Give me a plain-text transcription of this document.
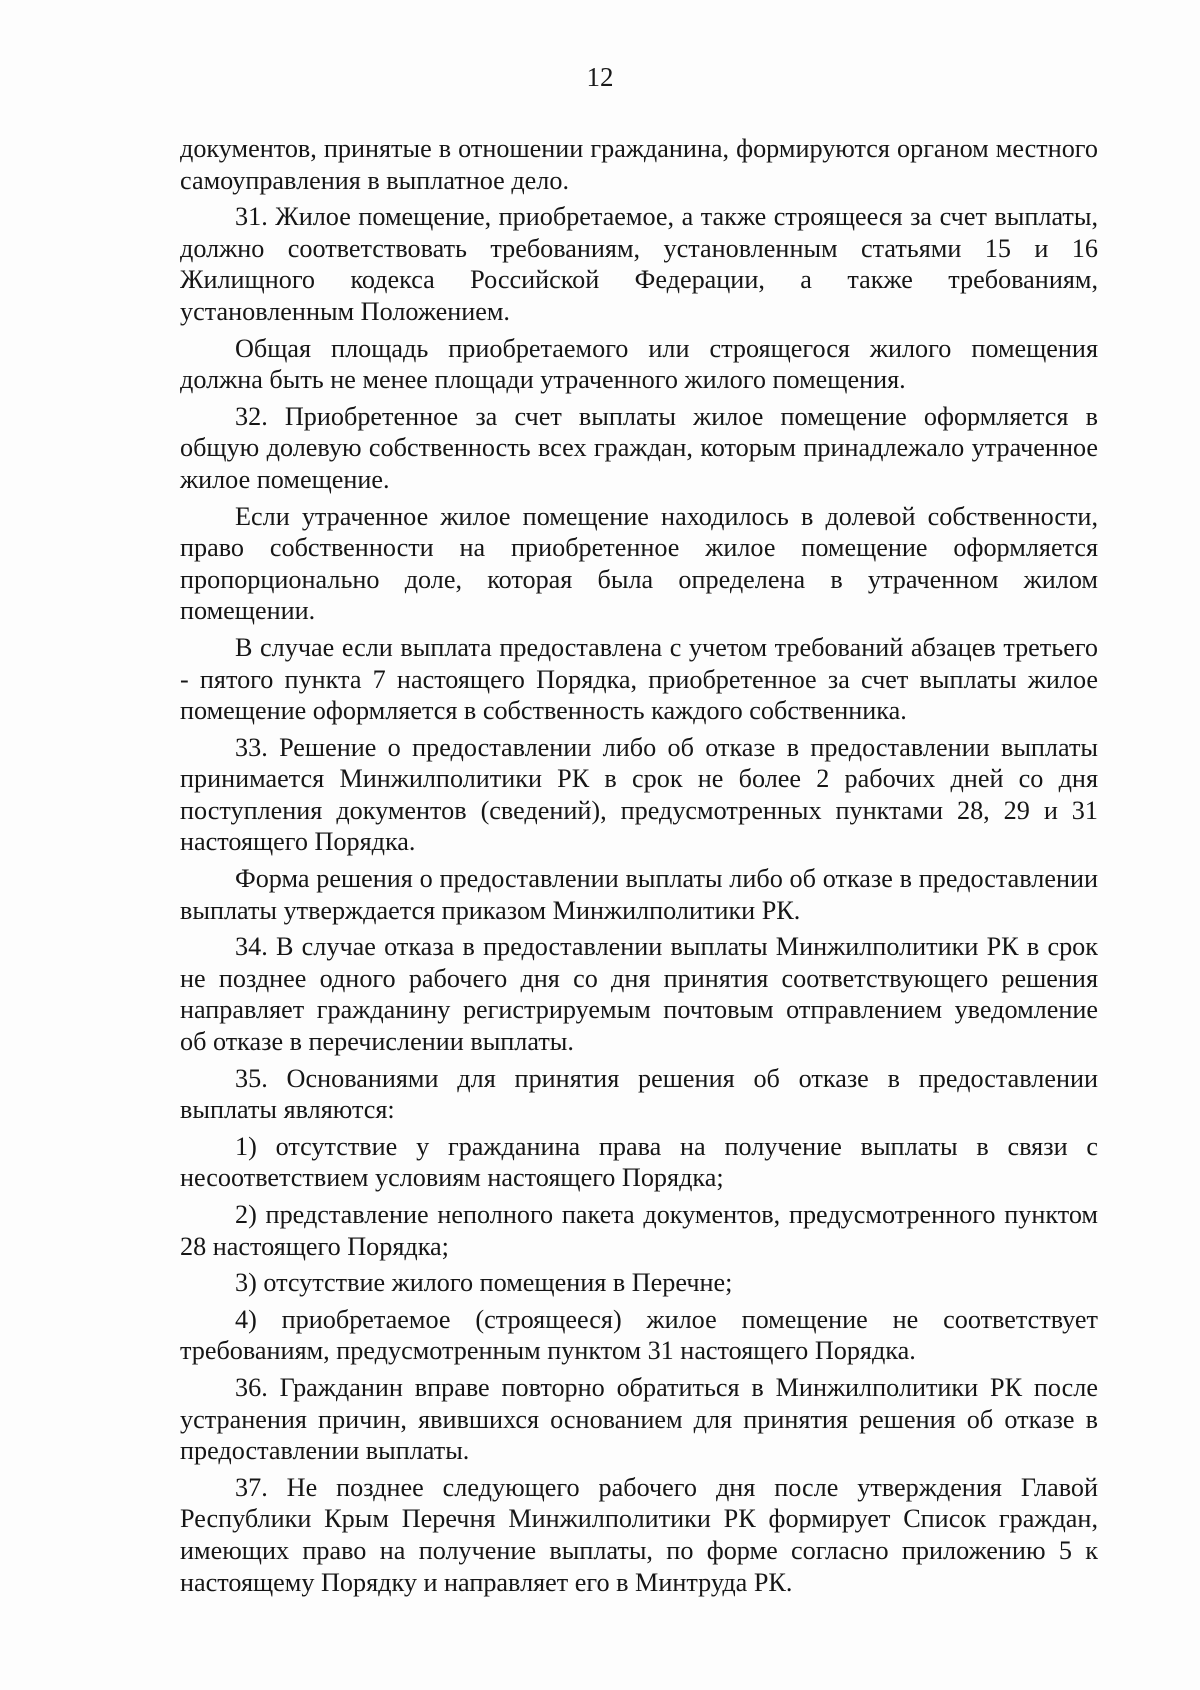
12

документов, принятые в отношении гражданина, формируются органом местного самоуправления в выплатное дело.

31. Жилое помещение, приобретаемое, а также строящееся за счет выплаты, должно соответствовать требованиям, установленным статьями 15 и 16 Жилищного кодекса Российской Федерации, а также требованиям, установленным Положением.

Общая площадь приобретаемого или строящегося жилого помещения должна быть не менее площади утраченного жилого помещения.

32. Приобретенное за счет выплаты жилое помещение оформляется в общую долевую собственность всех граждан, которым принадлежало утраченное жилое помещение.

Если утраченное жилое помещение находилось в долевой собственности, право собственности на приобретенное жилое помещение оформляется пропорционально доле, которая была определена в утраченном жилом помещении.

В случае если выплата предоставлена с учетом требований абзацев третьего - пятого пункта 7 настоящего Порядка, приобретенное за счет выплаты жилое помещение оформляется в собственность каждого собственника.

33. Решение о предоставлении либо об отказе в предоставлении выплаты принимается Минжилполитики РК в срок не более 2 рабочих дней со дня поступления документов (сведений), предусмотренных пунктами 28, 29 и 31 настоящего Порядка.

Форма решения о предоставлении выплаты либо об отказе в предоставлении выплаты утверждается приказом Минжилполитики РК.

34. В случае отказа в предоставлении выплаты Минжилполитики РК в срок не позднее одного рабочего дня со дня принятия соответствующего решения направляет гражданину регистрируемым почтовым отправлением уведомление об отказе в перечислении выплаты.

35. Основаниями для принятия решения об отказе в предоставлении выплаты являются:

1) отсутствие у гражданина права на получение выплаты в связи с несоответствием условиям настоящего Порядка;

2) представление неполного пакета документов, предусмотренного пунктом 28 настоящего Порядка;

3) отсутствие жилого помещения в Перечне;

4) приобретаемое (строящееся) жилое помещение не соответствует требованиям, предусмотренным пунктом 31 настоящего Порядка.

36. Гражданин вправе повторно обратиться в Минжилполитики РК после устранения причин, явившихся основанием для принятия решения об отказе в предоставлении выплаты.

37. Не позднее следующего рабочего дня после утверждения Главой Республики Крым Перечня Минжилполитики РК формирует Список граждан, имеющих право на получение выплаты, по форме согласно приложению 5 к настоящему Порядку и направляет его в Минтруда РК.
